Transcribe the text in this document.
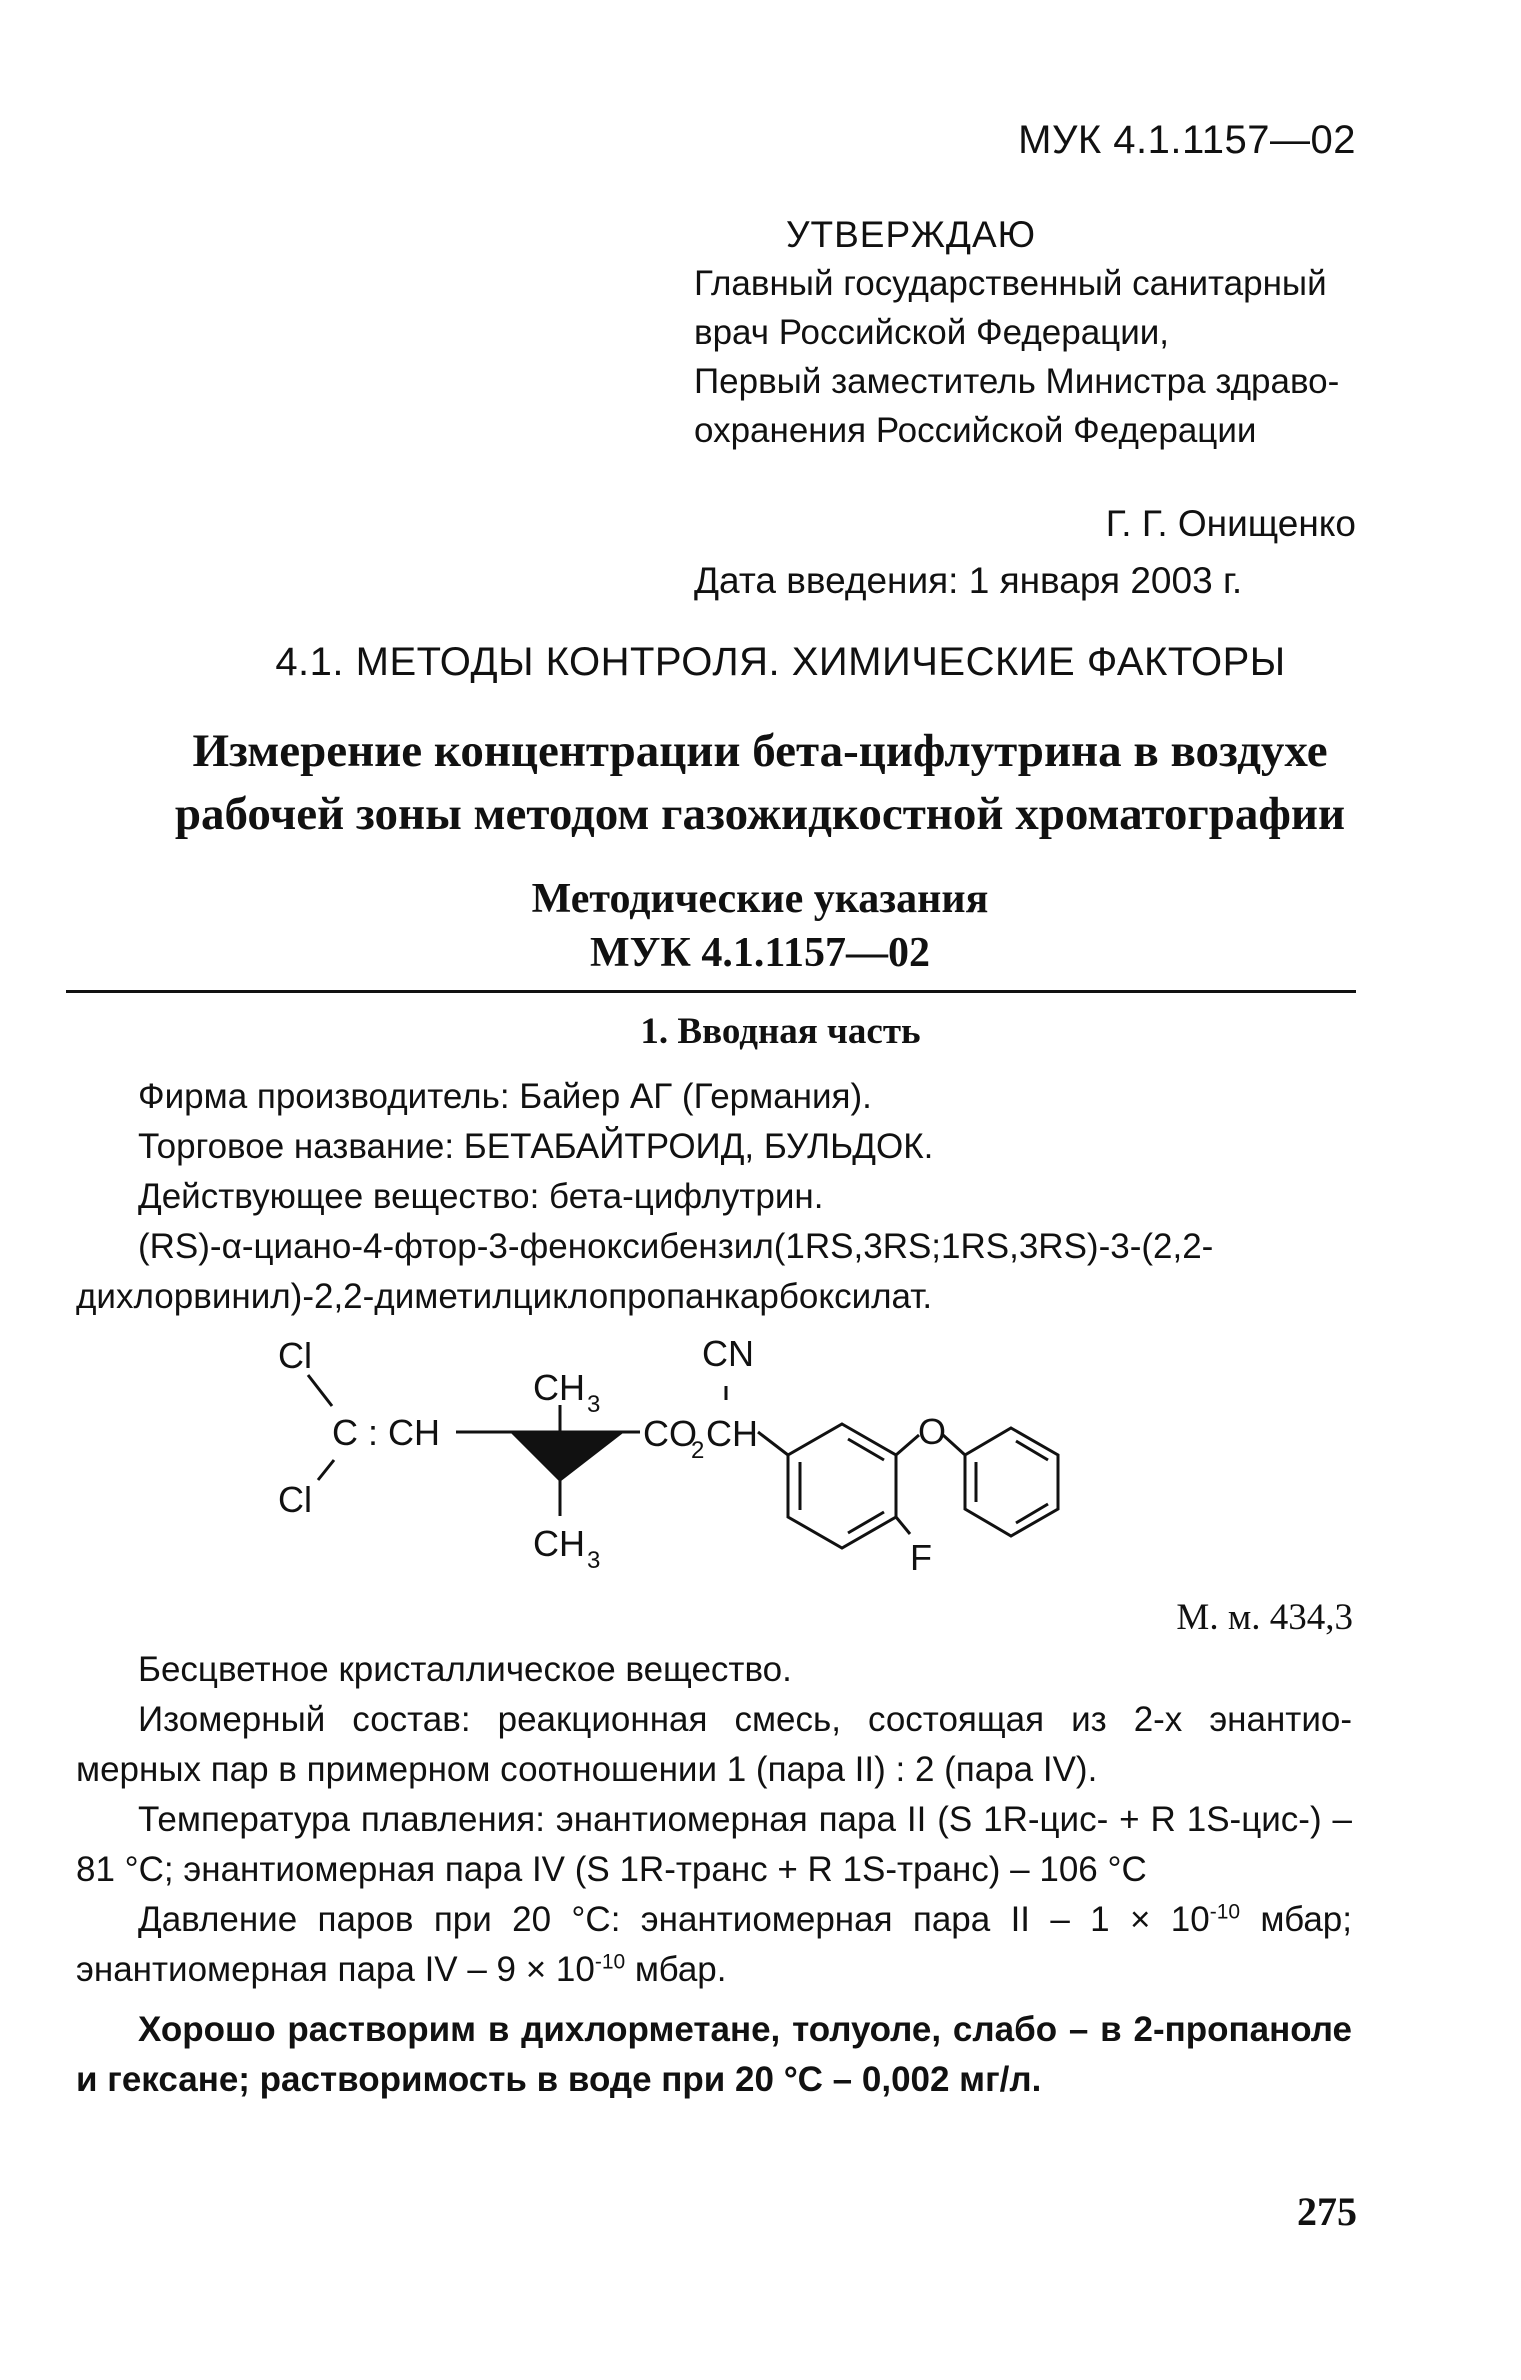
МУК 4.1.1157—02
УТВЕРЖДАЮ
Главный государственный санитарный
врач Российской Федерации,
Первый заместитель Министра здраво-
охранения Российской Федерации
Г. Г. Онищенко
Дата введения: 1 января 2003 г.
4.1. МЕТОДЫ КОНТРОЛЯ. ХИМИЧЕСКИЕ ФАКТОРЫ
Измерение концентрации бета-цифлутрина в воздухе
рабочей зоны методом газожидкостной хроматографии
Методические указания
МУК 4.1.1157—02
1. Вводная часть

Фирма производитель: Байер АГ (Германия).

Торговое название: БЕТАБАЙТРОИД, БУЛЬДОК.

Действующее вещество: бета-цифлутрин.

(RS)-α-циано-4-фтор-3-феноксибензил(1RS,3RS;1RS,3RS)-3-(2,2-дихлорвинил)-2,2-диметилциклопропанкарбоксилат.

Cl
Cl
C : CH
CH 3
CH 3
CO
2 CH
CN
O
F
М. м. 434,3

Бесцветное кристаллическое вещество.

Изомерный состав: реакционная смесь, состоящая из 2-х энантио-мерных пар в примерном соотношении 1 (пара II) : 2 (пара IV).

Температура плавления: энантиомерная пара II (S 1R-цис- + R 1S-цис-) – 81 °С; энантиомерная пара IV (S 1R-транс + R 1S-транс) – 106 °С

Давление паров при 20 °С: энантиомерная пара II – $1 \times 10^{-10}$ мбар; энантиомерная пара IV – $9 \times 10^{-10}$ мбар.

Хорошо растворим в дихлорметане, толуоле, слабо – в 2-пропаноле и гексане; растворимость в воде при 20 °С – 0,002 мг/л.

275
